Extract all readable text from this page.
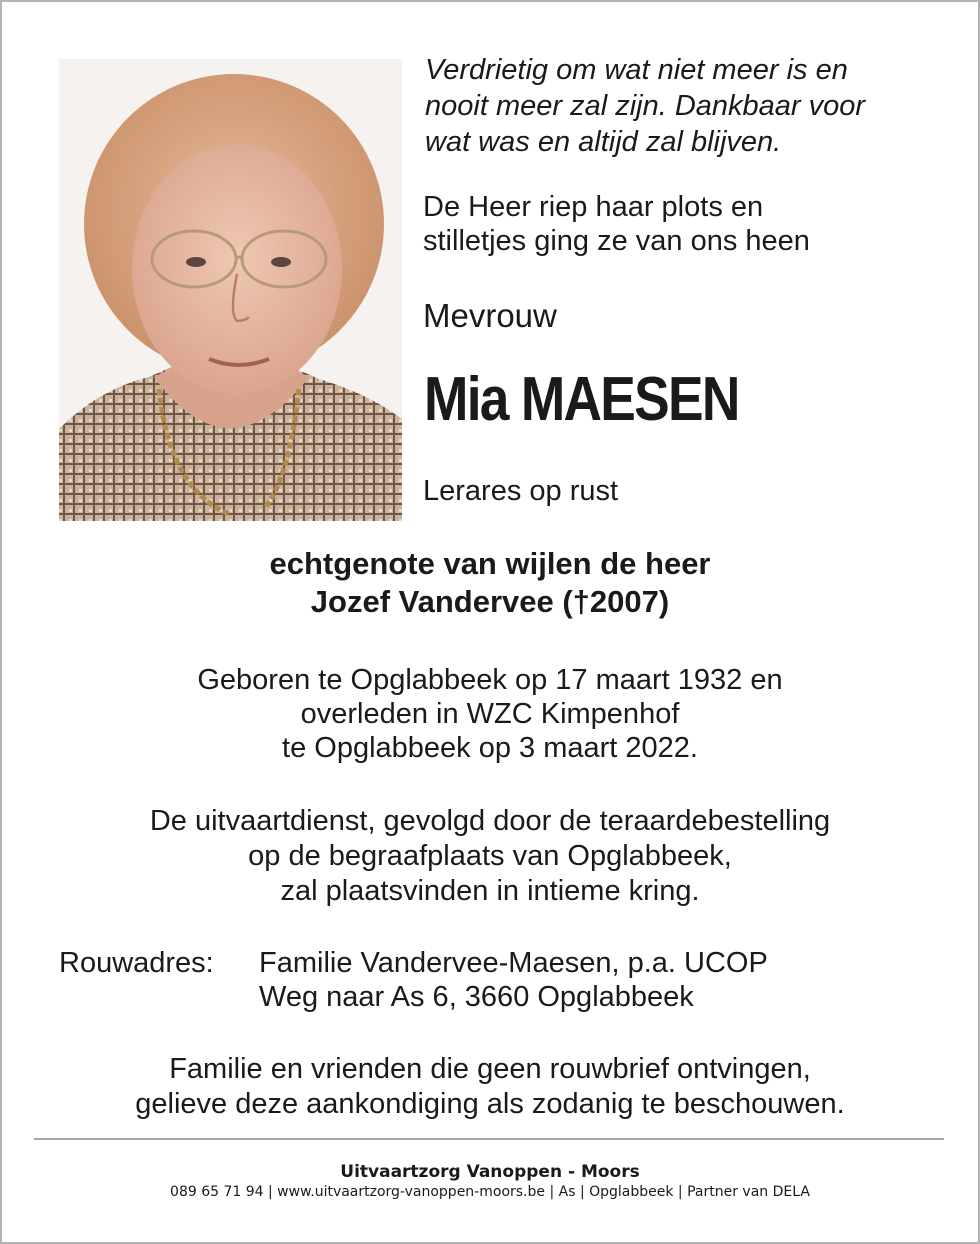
Verdrietig om wat niet meer is en
nooit meer zal zijn. Dankbaar voor
wat was en altijd zal blijven.

De Heer riep haar plots en
stilletjes ging ze van ons heen

Mevrouw

Mia MAESEN

Lerares op rust

echtgenote van wijlen de heer
Jozef Vandervee (†2007)

Geboren te Opglabbeek op 17 maart 1932 en
overleden in WZC Kimpenhof
te Opglabbeek op 3 maart 2022.

De uitvaartdienst, gevolgd door de teraardebestelling
op de begraafplaats van Opglabbeek,
zal plaatsvinden in intieme kring.

Rouwadres: Familie Vandervee-Maesen, p.a. UCOP
Weg naar As 6, 3660 Opglabbeek

Familie en vrienden die geen rouwbrief ontvingen,
gelieve deze aankondiging als zodanig te beschouwen.

Uitvaartzorg Vanoppen - Moors

089 65 71 94 | www.uitvaartzorg-vanoppen-moors.be | As | Opglabbeek | Partner van DELA
